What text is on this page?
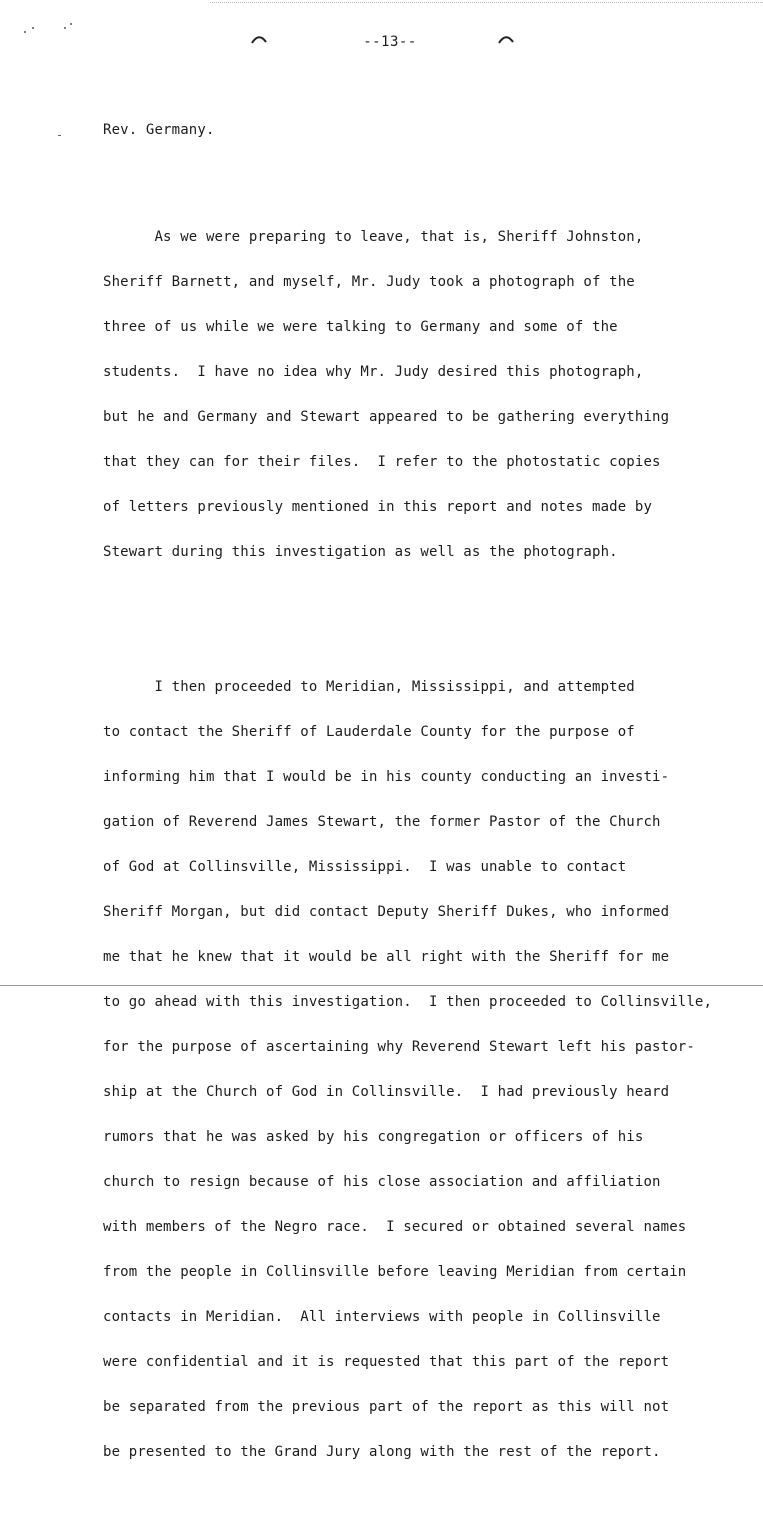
--13--

Rev. Germany.

As we were preparing to leave, that is, Sheriff Johnston,

Sheriff Barnett, and myself, Mr. Judy took a photograph of the

three of us while we were talking to Germany and some of the

students.  I have no idea why Mr. Judy desired this photograph,

but he and Germany and Stewart appeared to be gathering everything

that they can for their files.  I refer to the photostatic copies

of letters previously mentioned in this report and notes made by

Stewart during this investigation as well as the photograph.

I then proceeded to Meridian, Mississippi, and attempted

to contact the Sheriff of Lauderdale County for the purpose of

informing him that I would be in his county conducting an investi-

gation of Reverend James Stewart, the former Pastor of the Church

of God at Collinsville, Mississippi.  I was unable to contact

Sheriff Morgan, but did contact Deputy Sheriff Dukes, who informed

me that he knew that it would be all right with the Sheriff for me

to go ahead with this investigation.  I then proceeded to Collinsville,

for the purpose of ascertaining why Reverend Stewart left his pastor-

ship at the Church of God in Collinsville.  I had previously heard

rumors that he was asked by his congregation or officers of his

church to resign because of his close association and affiliation

with members of the Negro race.  I secured or obtained several names

from the people in Collinsville before leaving Meridian from certain

contacts in Meridian.  All interviews with people in Collinsville

were confidential and it is requested that this part of the report

be separated from the previous part of the report as this will not

be presented to the Grand Jury along with the rest of the report.
